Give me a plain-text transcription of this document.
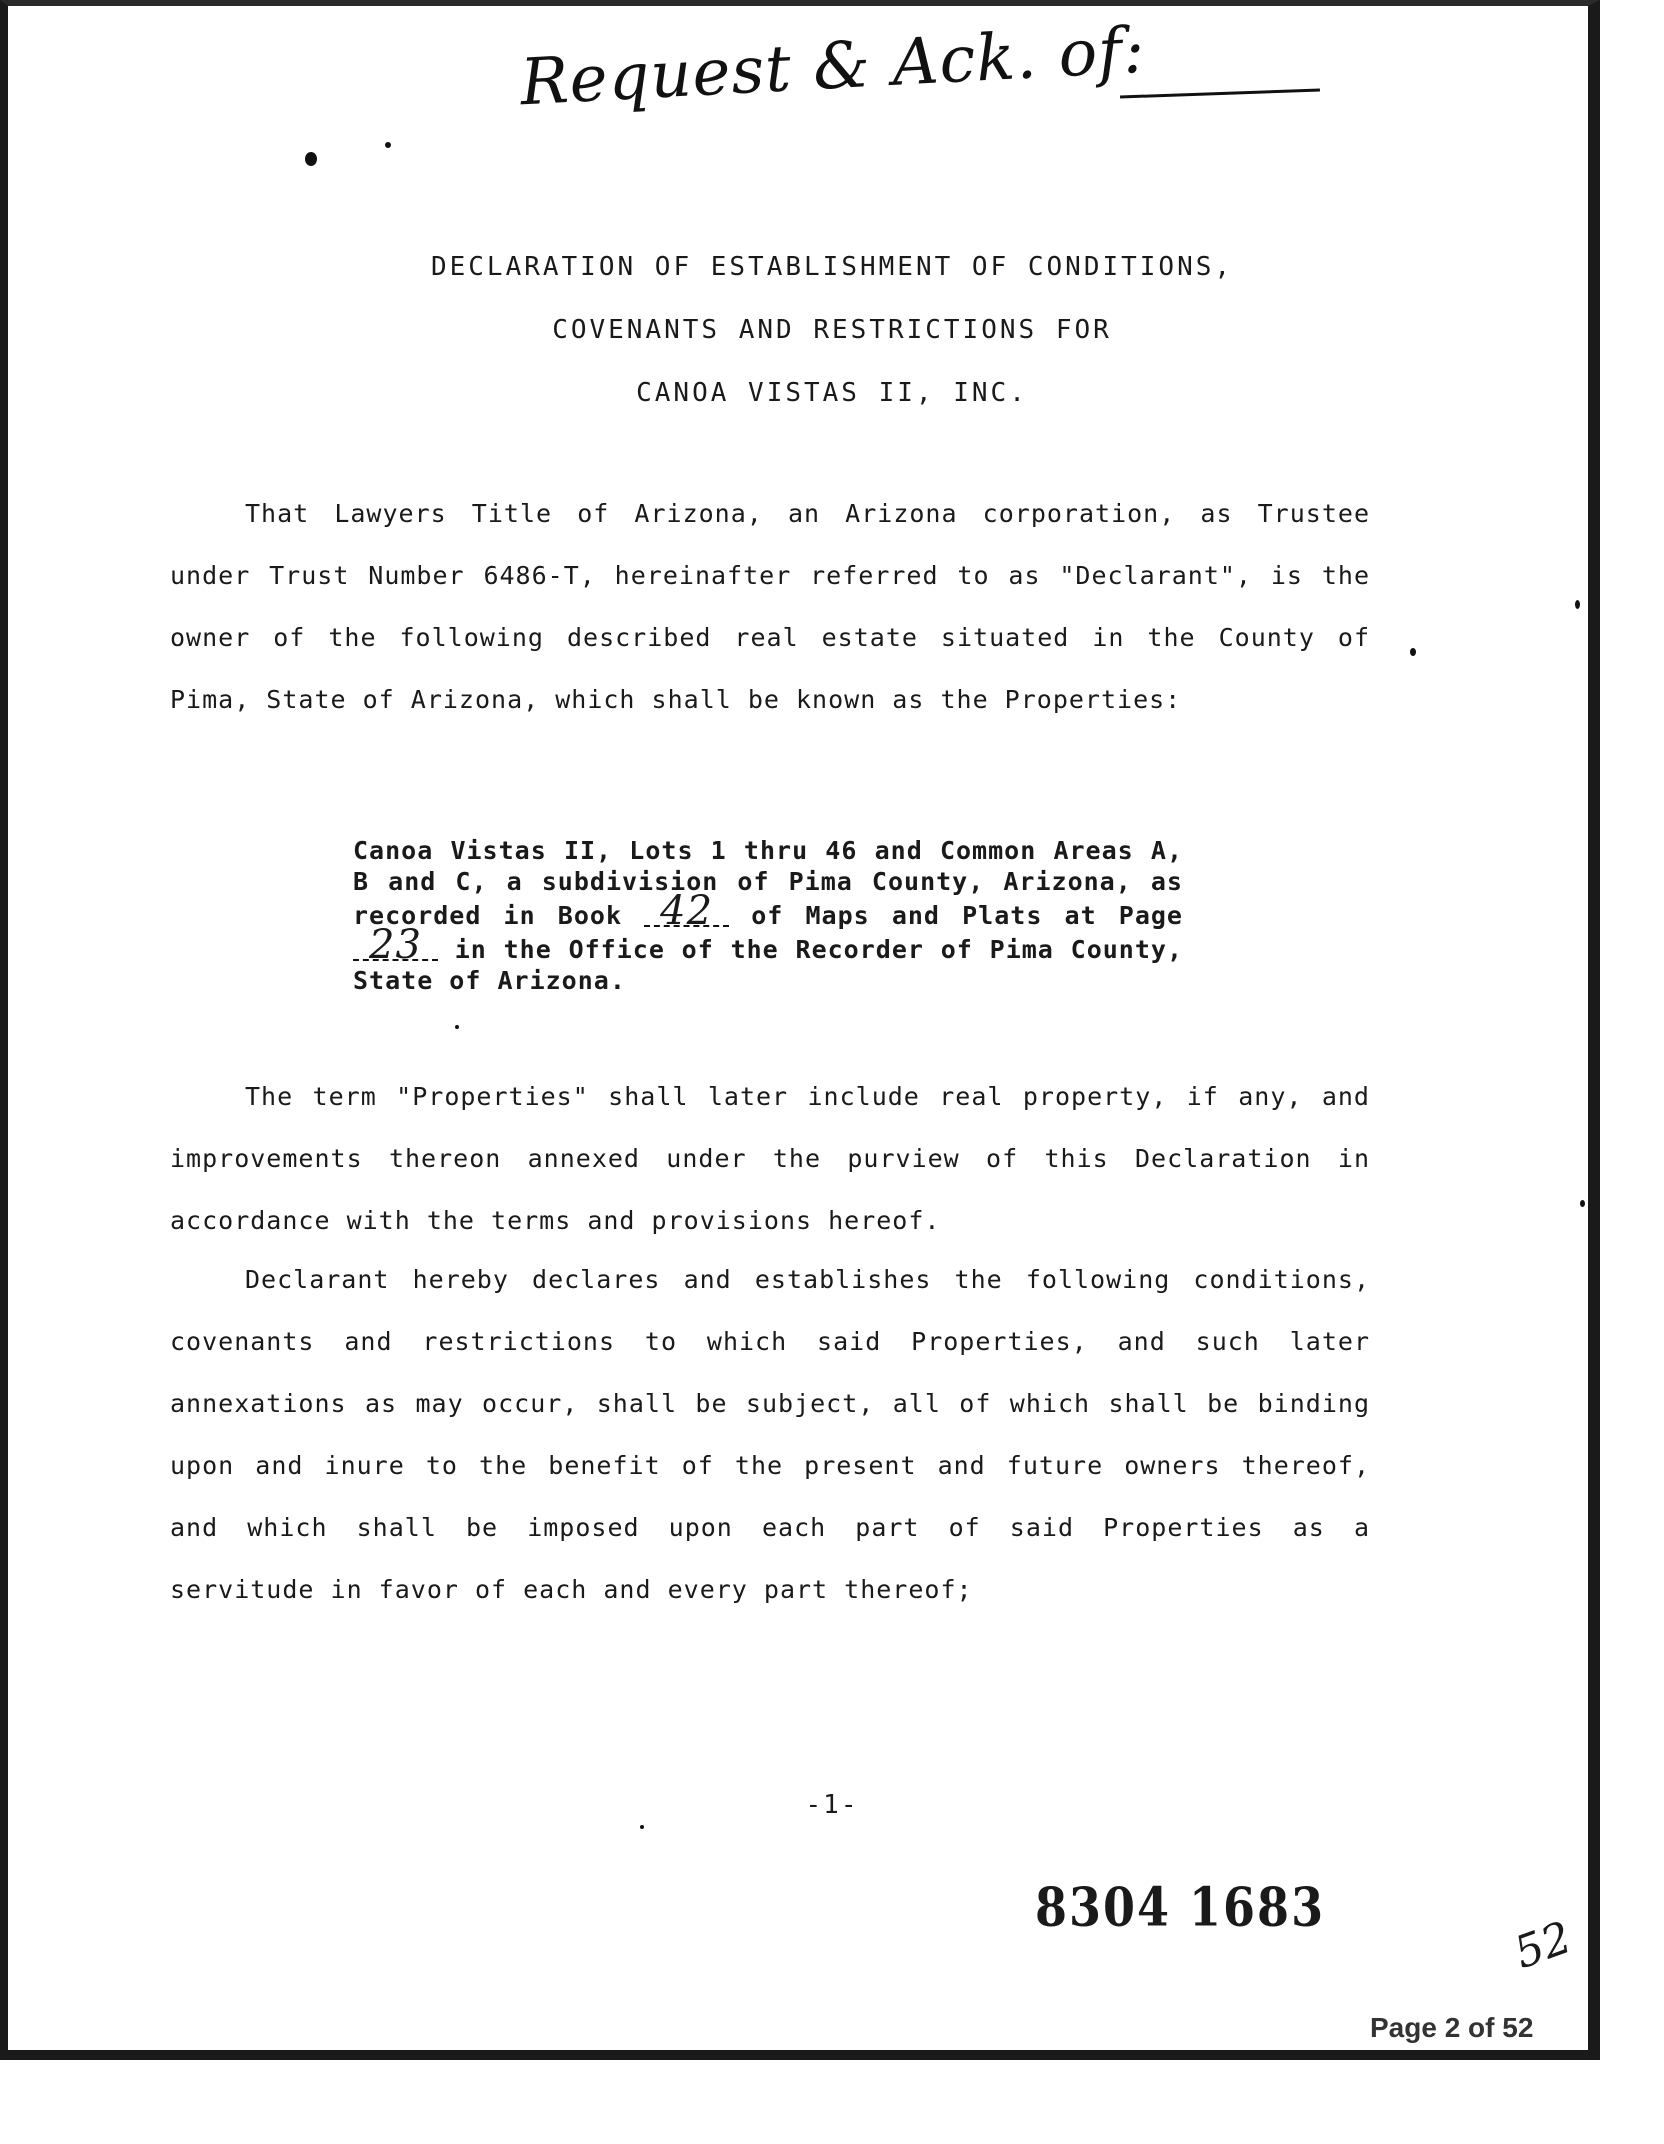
Request & Ack. of:
DECLARATION OF ESTABLISHMENT OF CONDITIONS,
COVENANTS AND RESTRICTIONS FOR
CANOA VISTAS II, INC.
That Lawyers Title of Arizona, an Arizona corporation, as Trustee under Trust Number 6486-T, hereinafter referred to as "Declarant", is the owner of the following described real estate situated in the County of Pima, State of Arizona, which shall be known as the Properties:
Canoa Vistas II, Lots 1 thru 46 and Common Areas A, B and C, a subdivision of Pima County, Arizona, as recorded in Book 42 of Maps and Plats at Page 23 in the Office of the Recorder of Pima County, State of Arizona.
The term "Properties" shall later include real property, if any, and improvements thereon annexed under the purview of this Declaration in accordance with the terms and provisions hereof.
Declarant hereby declares and establishes the following conditions, covenants and restrictions to which said Properties, and such later annexations as may occur, shall be subject, all of which shall be binding upon and inure to the benefit of the present and future owners thereof, and which shall be imposed upon each part of said Properties as a servitude in favor of each and every part thereof;
-1-
8304 1683
52
Page 2 of 52
